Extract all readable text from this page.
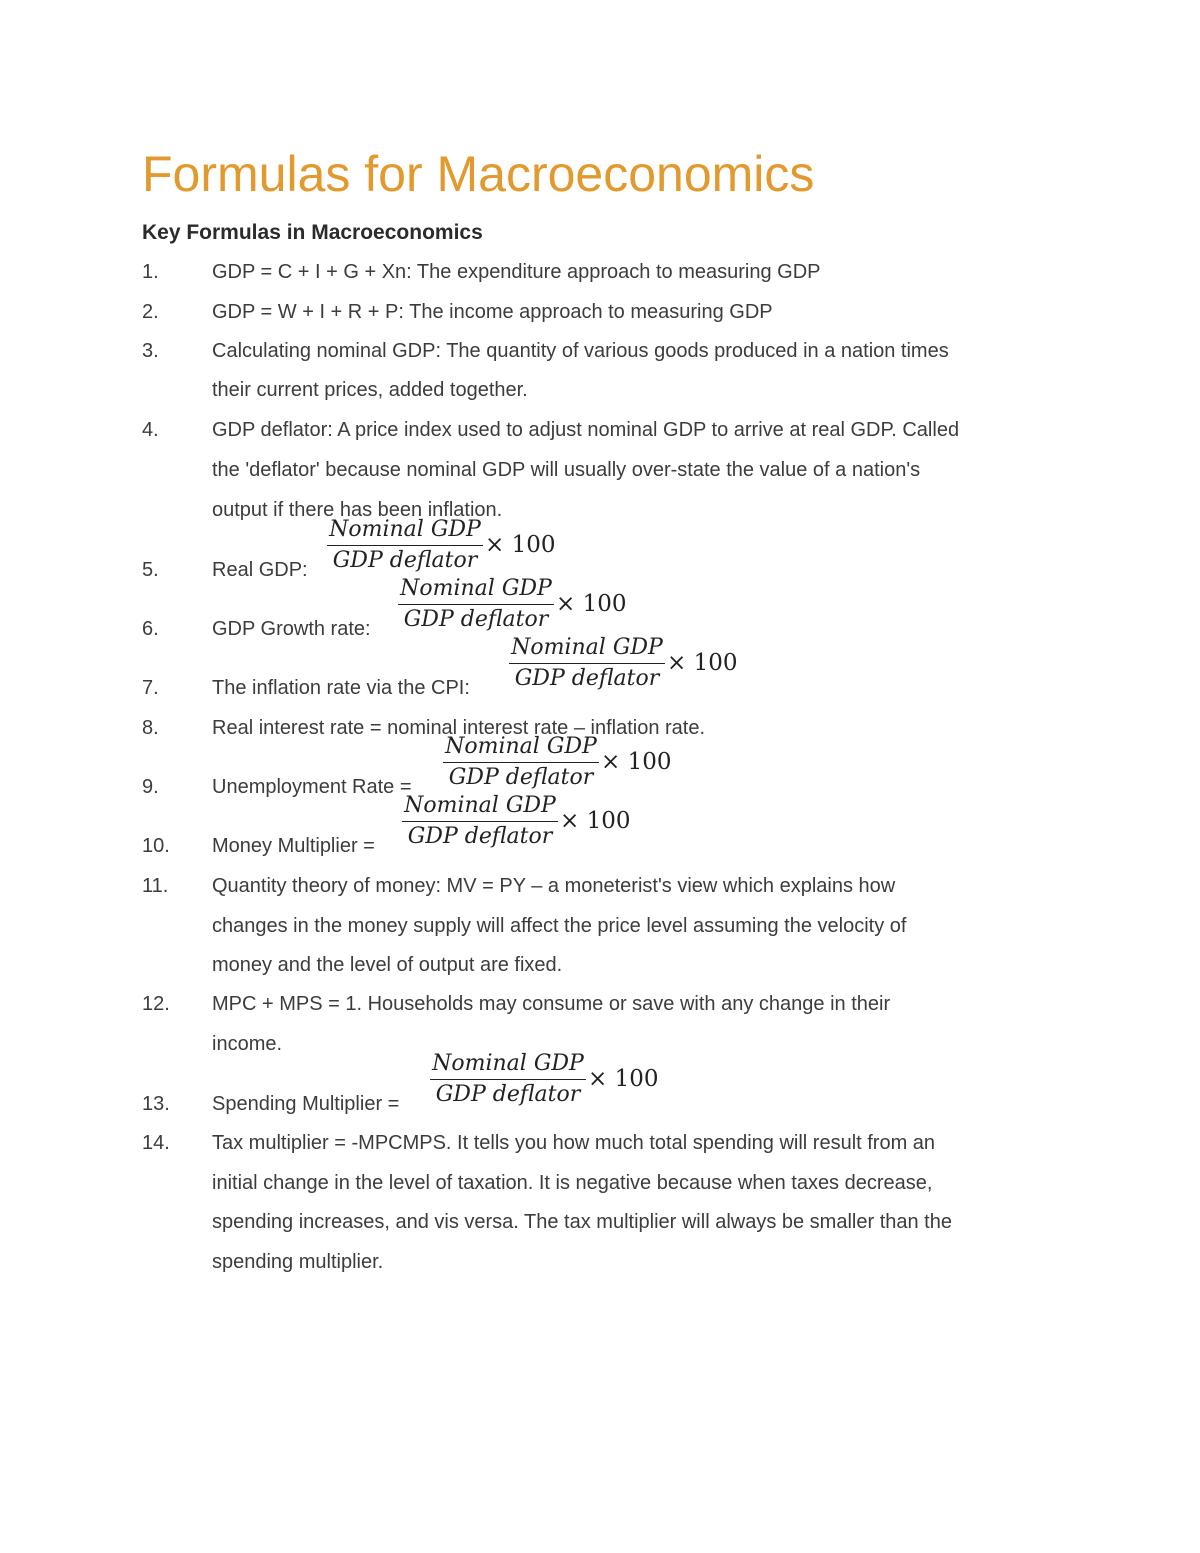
Formulas for Macroeconomics
Key Formulas in Macroeconomics
1.	GDP = C + I + G + Xn: The expenditure approach to measuring GDP
2.	GDP = W + I + R + P: The income approach to measuring GDP
3.	Calculating nominal GDP: The quantity of various goods produced in a nation times
their current prices, added together.
4.	GDP deflator: A price index used to adjust nominal GDP to arrive at real GDP. Called
the 'deflator' because nominal GDP will usually over-state the value of a nation's
output if there has been inflation.
5.	Real GDP:
Nominal GDP
GDP deflator
× 100
6.	GDP Growth rate:
Nominal GDP
GDP deflator
× 100
7.	The inflation rate via the CPI:
Nominal GDP
GDP deflator
× 100
8.	Real interest rate = nominal interest rate – inflation rate.
9.	Unemployment Rate =
Nominal GDP
GDP deflator
× 100
10.	Money Multiplier =
Nominal GDP
GDP deflator
× 100
11.	Quantity theory of money: MV = PY – a moneterist's view which explains how
changes in the money supply will affect the price level assuming the velocity of
money and the level of output are fixed.
12.	MPC + MPS = 1. Households may consume or save with any change in their
income.
13.	Spending Multiplier =
Nominal GDP
GDP deflator
× 100
14.	Tax multiplier = -MPCMPS. It tells you how much total spending will result from an
initial change in the level of taxation. It is negative because when taxes decrease,
spending increases, and vis versa. The tax multiplier will always be smaller than the
spending multiplier.
